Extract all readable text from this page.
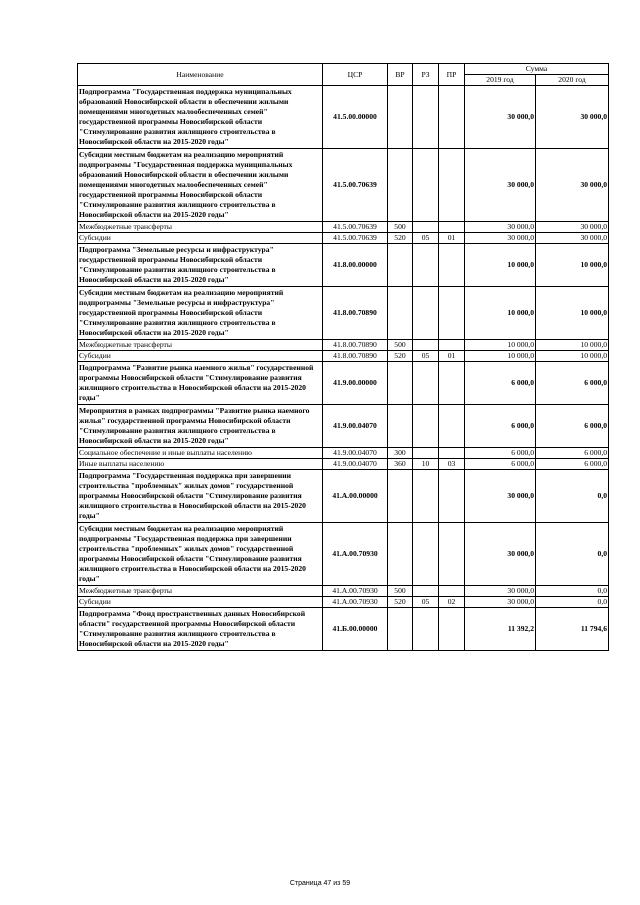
Наименование	ЦСР	ВР	РЗ	ПР	Сумма	
					2019 год	2020 год
Подпрограмма "Государственная поддержка муниципальных образований Новосибирской области в обеспечении жилыми помещениями многодетных малообеспеченных семей" государственной программы Новосибирской области "Стимулирование развития жилищного строительства в Новосибирской области на 2015-2020 годы"	41.5.00.00000				30 000,0	30 000,0
Субсидии местным бюджетам на реализацию мероприятий подпрограммы "Государственная поддержка муниципальных образований Новосибирской области в обеспечении жилыми помещениями многодетных малообеспеченных семей" государственной программы Новосибирской области "Стимулирование развития жилищного строительства в Новосибирской области на 2015-2020 годы"	41.5.00.70639				30 000,0	30 000,0
Межбюджетные трансферты	41.5.00.70639	500			30 000,0	30 000,0
Субсидии	41.5.00.70639	520	05	01	30 000,0	30 000,0
Подпрограмма "Земельные ресурсы и инфраструктура" государственной программы Новосибирской области "Стимулирование развития жилищного строительства в Новосибирской области на 2015-2020 годы"	41.8.00.00000				10 000,0	10 000,0
Субсидии местным бюджетам на реализацию мероприятий подпрограммы "Земельные ресурсы и инфраструктура" государственной программы Новосибирской области "Стимулирование развития жилищного строительства в Новосибирской области на 2015-2020 годы"	41.8.00.70890				10 000,0	10 000,0
Межбюджетные трансферты	41.8.00.70890	500			10 000,0	10 000,0
Субсидии	41.8.00.70890	520	05	01	10 000,0	10 000,0
Подпрограмма "Развитие рынка наемного жилья" государственной программы Новосибирской области "Стимулирование развития жилищного строительства в Новосибирской области на 2015-2020 годы"	41.9.00.00000				6 000,0	6 000,0
Мероприятия в рамках подпрограммы "Развитие рынка наемного жилья" государственной программы Новосибирской области "Стимулирование развития жилищного строительства в Новосибирской области на 2015-2020 годы"	41.9.00.04070				6 000,0	6 000,0
Социальное обеспечение и иные выплаты населению	41.9.00.04070	300			6 000,0	6 000,0
Иные выплаты населению	41.9.00.04070	360	10	03	6 000,0	6 000,0
Подпрограмма "Государственная поддержка при завершении строительства "проблемных" жилых домов" государственной программы Новосибирской области "Стимулирование развития жилищного строительства в Новосибирской области на 2015-2020 годы"	41.А.00.00000				30 000,0	0,0
Субсидии местным бюджетам на реализацию мероприятий подпрограммы "Государственная поддержка при завершении строительства "проблемных" жилых домов" государственной программы Новосибирской области "Стимулирование развития жилищного строительства в Новосибирской области на 2015-2020 годы"	41.А.00.70930				30 000,0	0,0
Межбюджетные трансферты	41.А.00.70930	500			30 000,0	0,0
Субсидии	41.А.00.70930	520	05	02	30 000,0	0,0
Подпрограмма "Фонд пространственных данных Новосибирской области" государственной программы Новосибирской области "Стимулирование развития жилищного строительства в Новосибирской области на 2015-2020 годы"	41.Б.00.00000				11 392,2	11 794,6
Страница 47 из 59
